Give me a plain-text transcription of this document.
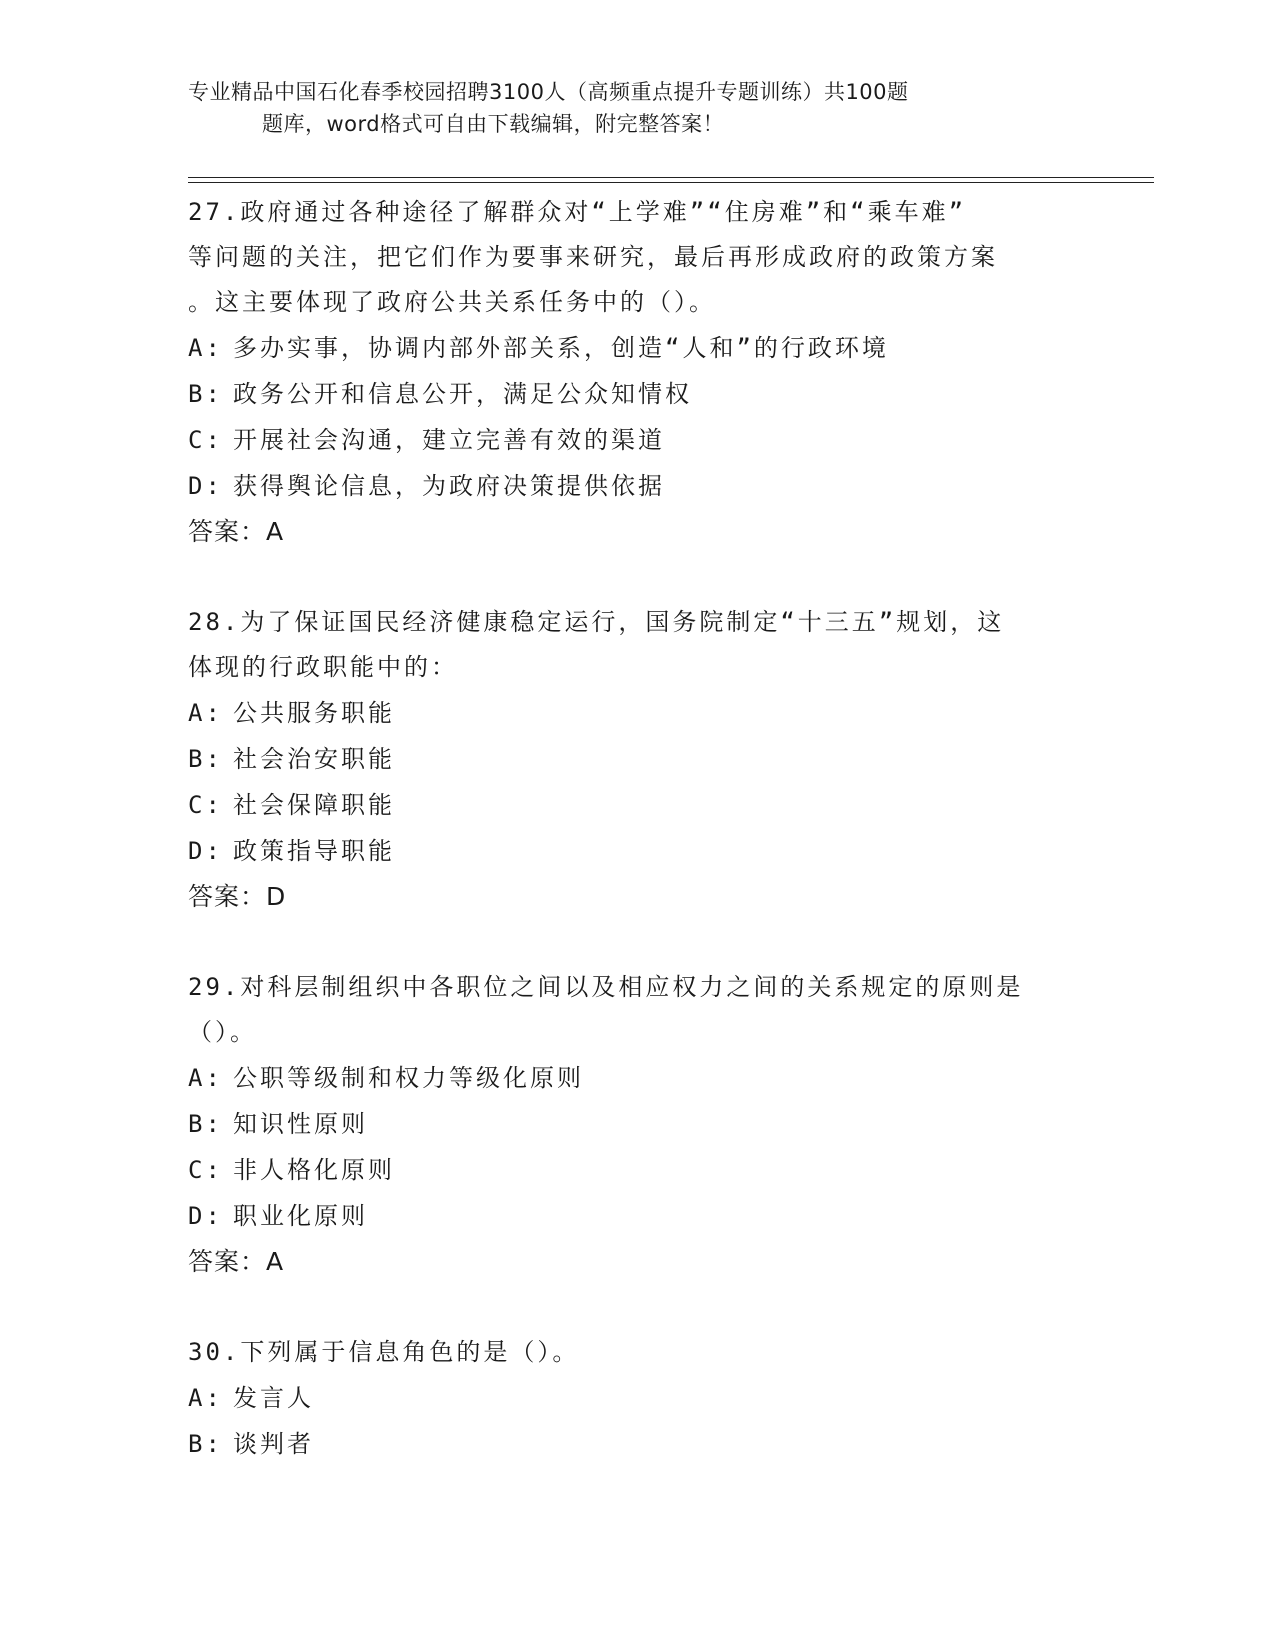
专业精品中国石化春季校园招聘3100人（高频重点提升专题训练）共100题
题库，word格式可自由下载编辑，附完整答案！

27.政府通过各种途径了解群众对“上学难”“住房难”和“乘车难”
等问题的关注，把它们作为要事来研究，最后再形成政府的政策方案
。这主要体现了政府公共关系任务中的（）。

A: 多办实事，协调内部外部关系，创造“人和”的行政环境
B: 政务公开和信息公开，满足公众知情权
C: 开展社会沟通，建立完善有效的渠道
D: 获得舆论信息，为政府决策提供依据
答案：A

28.为了保证国民经济健康稳定运行，国务院制定“十三五”规划，这
体现的行政职能中的：

A: 公共服务职能
B: 社会治安职能
C: 社会保障职能
D: 政策指导职能
答案：D

29.对科层制组织中各职位之间以及相应权力之间的关系规定的原则是
（）。

A: 公职等级制和权力等级化原则
B: 知识性原则
C: 非人格化原则
D: 职业化原则
答案：A

30.下列属于信息角色的是（）。

A: 发言人
B: 谈判者
